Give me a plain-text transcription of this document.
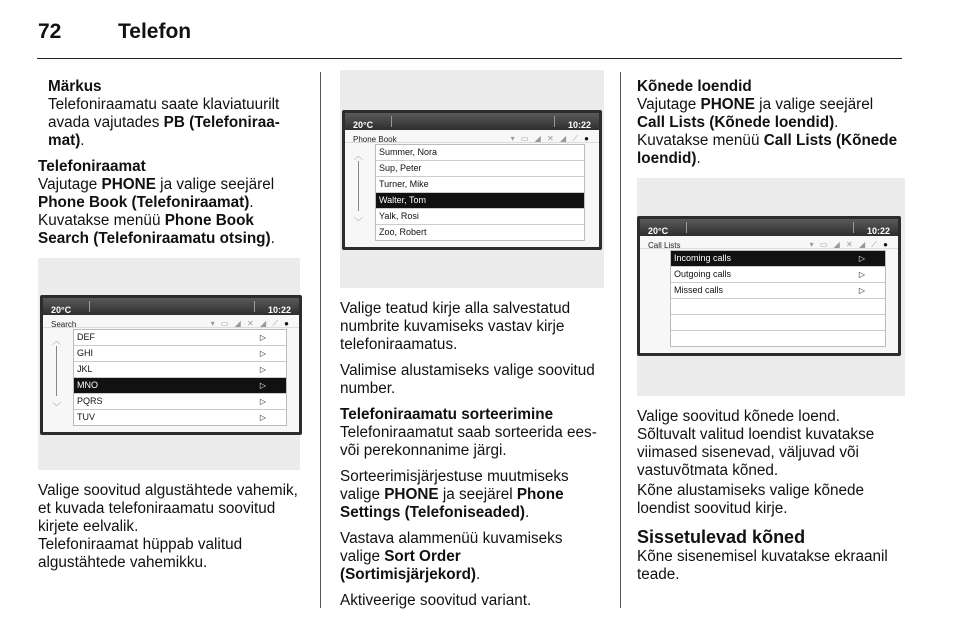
72	Telefon

Märkus
Telefoniraamatu saate klaviatuurilt avada vajutades PB (Telefoniraa-mat).

Telefoniraamat
Vajutage PHONE ja valige seejärel Phone Book (Telefoniraamat).
Kuvatakse menüü Phone Book Search (Telefoniraamatu otsing).

20°C	10:22
Search	▾ ▭ ◢ ✕ ◢ ⟋ ●
︿
﹀
DEF	▷
GHI	▷
JKL	▷
MNO	▷
PQRS	▷
TUV	▷

Valige soovitud algustähtede vahemik, et kuvada telefoniraamatu soovitud kirjete eelvalik.

Telefoniraamat hüppab valitud algustähtede vahemikku.

20°C	10:22
Phone Book	▾ ▭ ◢ ✕ ◢ ⟋ ●
︿
﹀
Summer, Nora
Sup, Peter
Turner, Mike
Walter, Tom
Yalk, Rosi
Zoo, Robert

Valige teatud kirje alla salvestatud numbrite kuvamiseks vastav kirje telefoniraamatus.

Valimise alustamiseks valige soovitud number.

Telefoniraamatu sorteerimine
Telefoniraamatut saab sorteerida ees- või perekonnanime järgi.

Sorteerimisjärjestuse muutmiseks valige PHONE ja seejärel Phone Settings (Telefoniseaded).

Vastava alammenüü kuvamiseks valige Sort Order (Sortimisjärjekord).

Aktiveerige soovitud variant.

Kõnede loendid
Vajutage PHONE ja valige seejärel Call Lists (Kõnede loendid).
Kuvatakse menüü Call Lists (Kõnede loendid).

20°C	10:22
Call Lists	▾ ▭ ◢ ✕ ◢ ⟋ ●
Incoming calls	▷
Outgoing calls	▷
Missed calls	▷

Valige soovitud kõnede loend.
Sõltuvalt valitud loendist kuvatakse viimased sisenevad, väljuvad või vastuvõtmata kõned.

Kõne alustamiseks valige kõnede loendist soovitud kirje.

Sissetulevad kõned

Kõne sisenemisel kuvatakse ekraanil teade.
